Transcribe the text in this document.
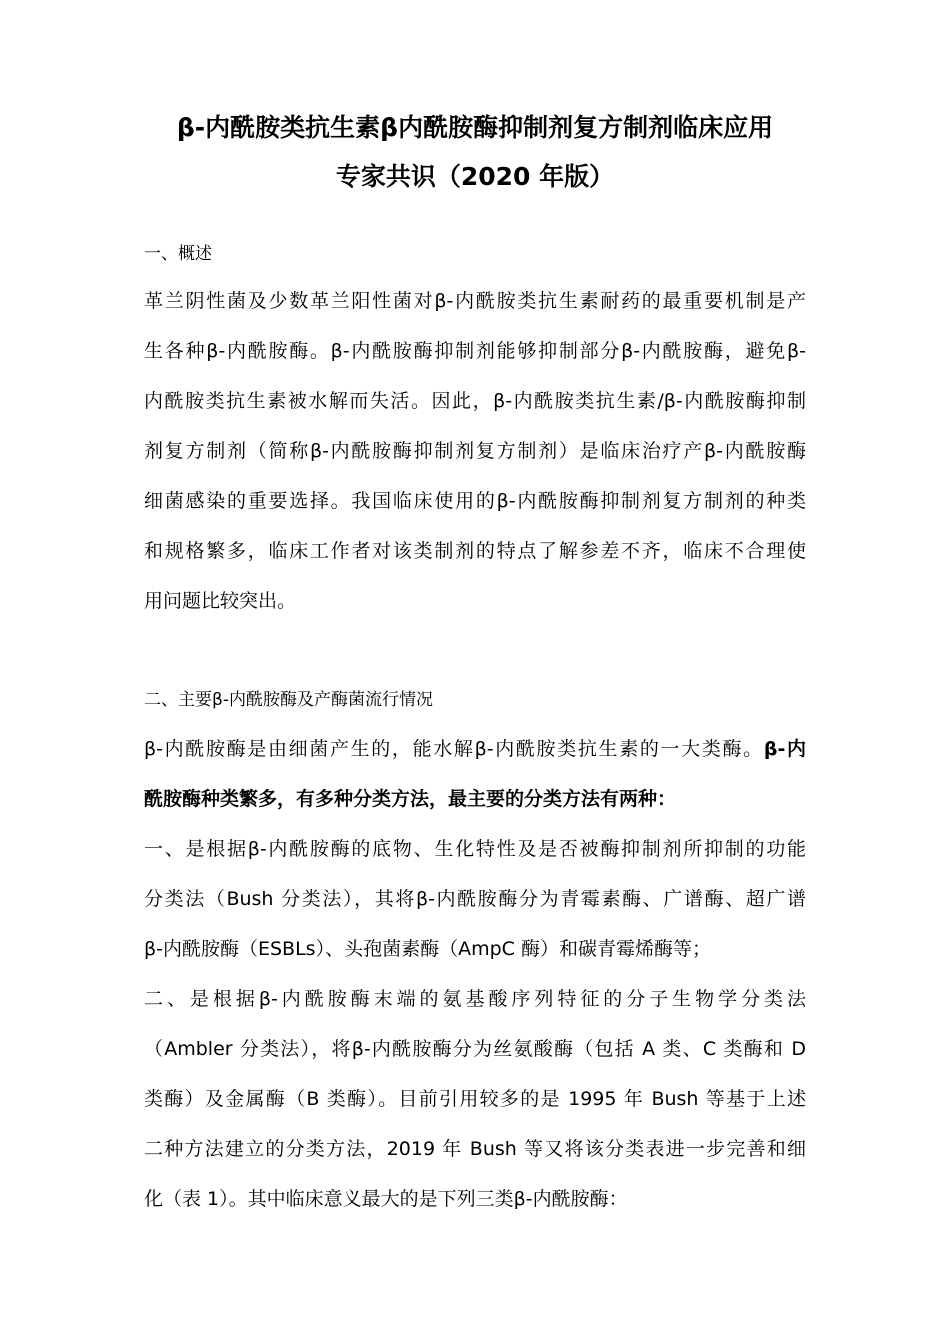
β-内酰胺类抗生素β内酰胺酶抑制剂复方制剂临床应用
专家共识（2020 年版）
一、概述
革兰阴性菌及少数革兰阳性菌对β-内酰胺类抗生素耐药的最重要机制是产
生各种β-内酰胺酶。β-内酰胺酶抑制剂能够抑制部分β-内酰胺酶，避免β-
内酰胺类抗生素被水解而失活。因此，β-内酰胺类抗生素/β-内酰胺酶抑制
剂复方制剂（简称β-内酰胺酶抑制剂复方制剂）是临床治疗产β-内酰胺酶
细菌感染的重要选择。我国临床使用的β-内酰胺酶抑制剂复方制剂的种类
和规格繁多，临床工作者对该类制剂的特点了解参差不齐，临床不合理使
用问题比较突出。
二、主要β-内酰胺酶及产酶菌流行情况
β-内酰胺酶是由细菌产生的，能水解β-内酰胺类抗生素的一大类酶。β-内
酰胺酶种类繁多，有多种分类方法，最主要的分类方法有两种：
一、是根据β-内酰胺酶的底物、生化特性及是否被酶抑制剂所抑制的功能
分类法（Bush 分类法），其将β-内酰胺酶分为青霉素酶、广谱酶、超广谱
β-内酰胺酶（ESBLs）、头孢菌素酶（AmpC 酶）和碳青霉烯酶等；
二、是根据β-内酰胺酶末端的氨基酸序列特征的分子生物学分类法
（Ambler 分类法），将β-内酰胺酶分为丝氨酸酶（包括 A 类、C 类酶和 D
类酶）及金属酶（B 类酶）。目前引用较多的是 1995 年 Bush 等基于上述
二种方法建立的分类方法，2019 年 Bush 等又将该分类表进一步完善和细
化（表 1）。其中临床意义最大的是下列三类β-内酰胺酶：
